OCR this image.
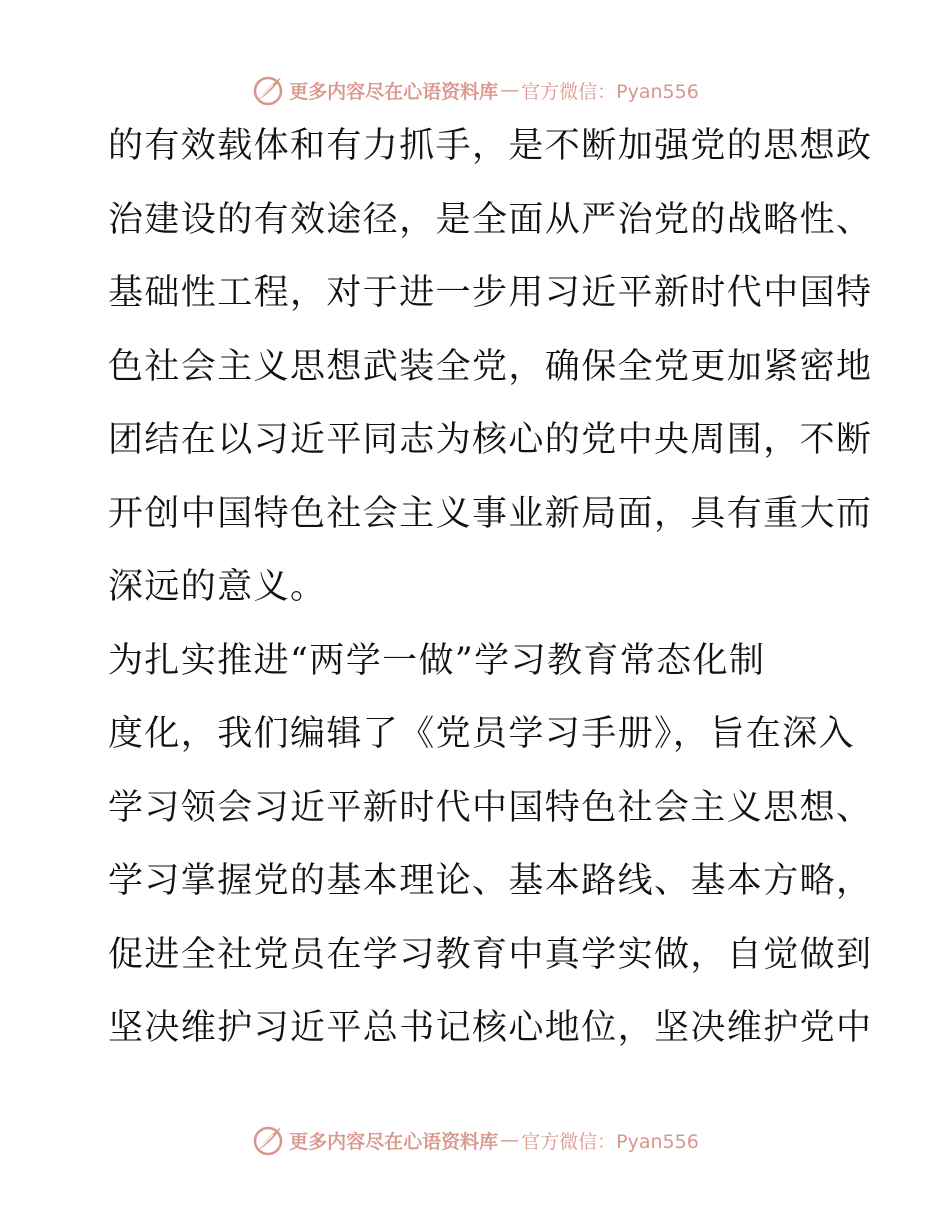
更多内容尽在心语资料库 — 官方微信：Pyan556
的有效载体和有力抓手，是不断加强党的思想政
治建设的有效途径，是全面从严治党的战略性、
基础性工程，对于进一步用习近平新时代中国特
色社会主义思想武装全党，确保全党更加紧密地
团结在以习近平同志为核心的党中央周围，不断
开创中国特色社会主义事业新局面，具有重大而
深远的意义。
为扎实推进“两学一做”学习教育常态化制
度化，我们编辑了《党员学习手册》，旨在深入
学习领会习近平新时代中国特色社会主义思想、
学习掌握党的基本理论、基本路线、基本方略，
促进全社党员在学习教育中真学实做，自觉做到
坚决维护习近平总书记核心地位，坚决维护党中
更多内容尽在心语资料库 — 官方微信：Pyan556
